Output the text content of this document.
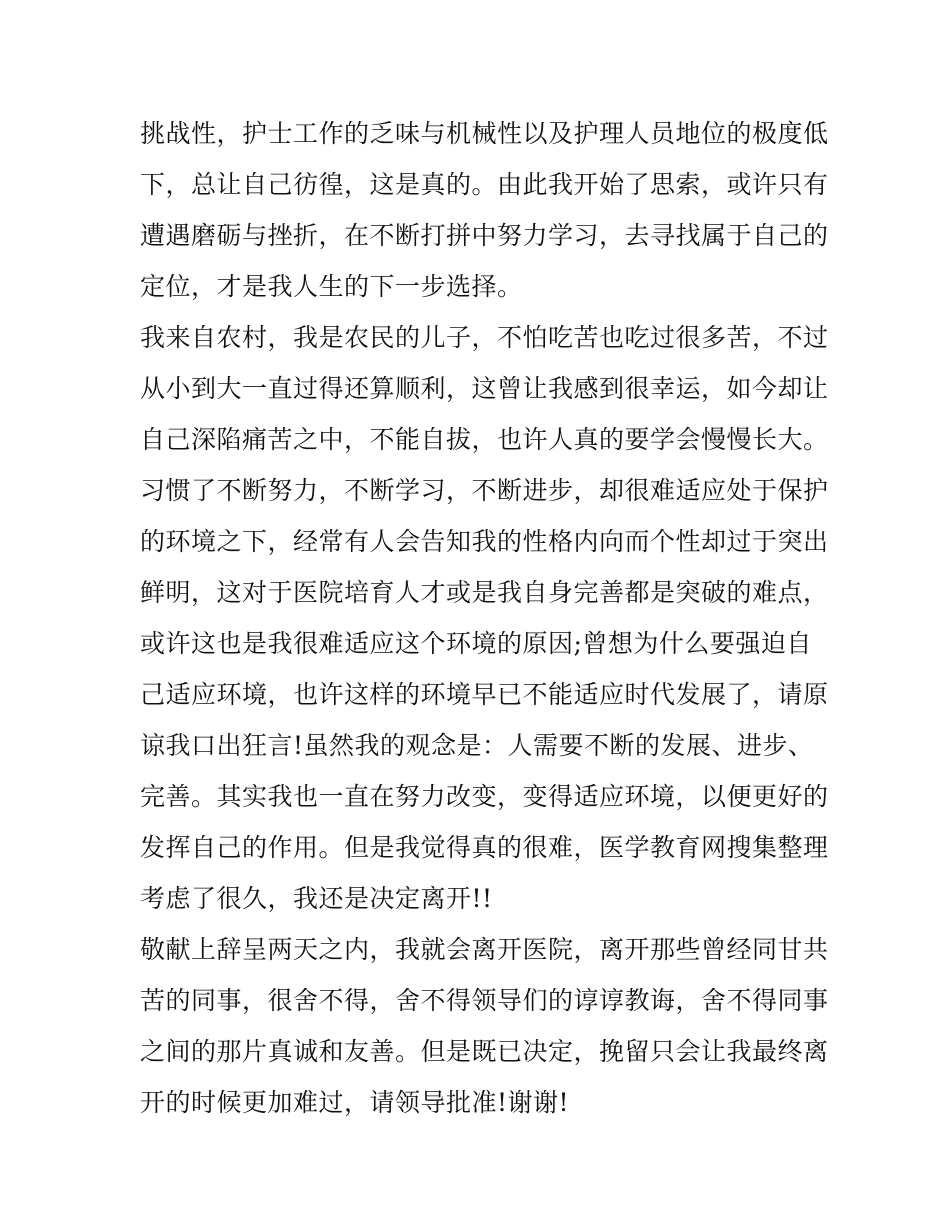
挑战性，护士工作的乏味与机械性以及护理人员地位的极度低
下，总让自己彷徨，这是真的。由此我开始了思索，或许只有
遭遇磨砺与挫折，在不断打拼中努力学习，去寻找属于自己的
定位，才是我人生的下一步选择。
我来自农村，我是农民的儿子，不怕吃苦也吃过很多苦，不过
从小到大一直过得还算顺利，这曾让我感到很幸运，如今却让
自己深陷痛苦之中，不能自拔，也许人真的要学会慢慢长大。
习惯了不断努力，不断学习，不断进步，却很难适应处于保护
的环境之下，经常有人会告知我的性格内向而个性却过于突出
鲜明，这对于医院培育人才或是我自身完善都是突破的难点，
或许这也是我很难适应这个环境的原因;曾想为什么要强迫自
己适应环境，也许这样的环境早已不能适应时代发展了，请原
谅我口出狂言!虽然我的观念是：人需要不断的发展、进步、
完善。其实我也一直在努力改变，变得适应环境，以便更好的
发挥自己的作用。但是我觉得真的很难，医学教育网搜集整理
考虑了很久，我还是决定离开!!
敬献上辞呈两天之内，我就会离开医院，离开那些曾经同甘共
苦的同事，很舍不得，舍不得领导们的谆谆教诲，舍不得同事
之间的那片真诚和友善。但是既已决定，挽留只会让我最终离
开的时候更加难过，请领导批准!谢谢!
